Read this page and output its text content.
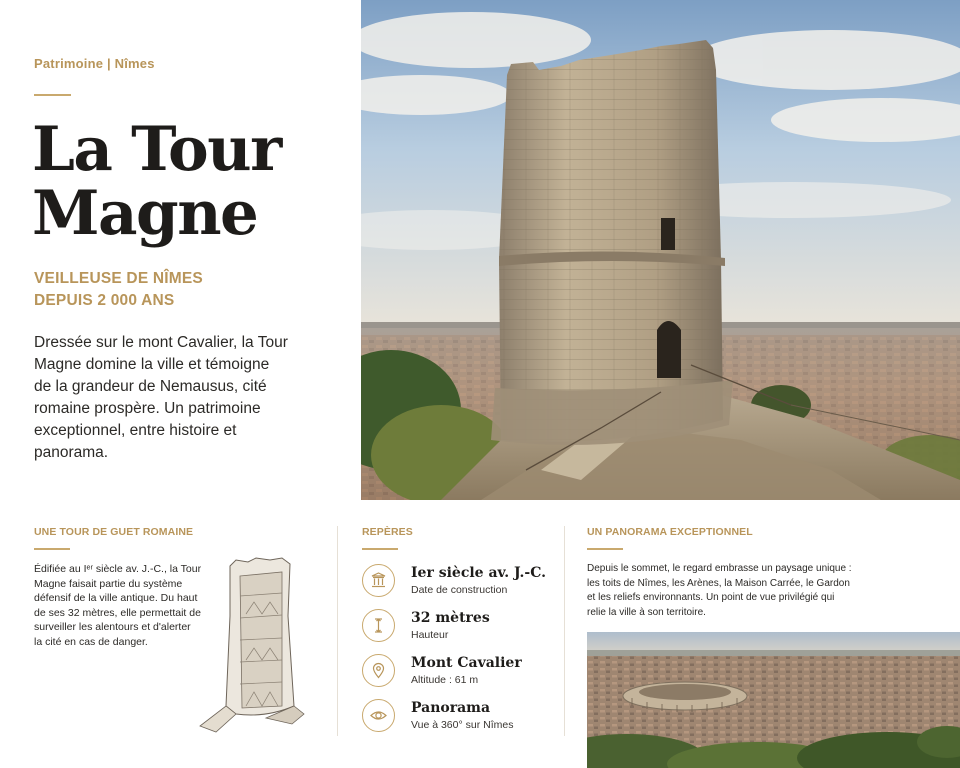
Patrimoine | Nîmes
La Tour
Magne
VEILLEUSE DE NÎMES
DEPUIS 2 000 ANS

Dressée sur le mont Cavalier, la Tour
Magne domine la ville et témoigne
de la grandeur de Nemausus, cité
romaine prospère. Un patrimoine
exceptionnel, entre histoire et
panorama.

UNE TOUR DE GUET ROMAINE

Édifiée au Iᵉʳ siècle av. J.-C., la Tour
Magne faisait partie du système
défensif de la ville antique. Du haut
de ses 32 mètres, elle permettait de
surveiller les alentours et d'alerter
la cité en cas de danger.

REPÈRES
Ier siècle av. J.-C.
Date de construction
32 mètres
Hauteur
Mont Cavalier
Altitude : 61 m
Panorama
Vue à 360° sur Nîmes
UN PANORAMA EXCEPTIONNEL

Depuis le sommet, le regard embrasse un paysage unique :
les toits de Nîmes, les Arènes, la Maison Carrée, le Gardon
et les reliefs environnants. Un point de vue privilégié qui
relie la ville à son territoire.
